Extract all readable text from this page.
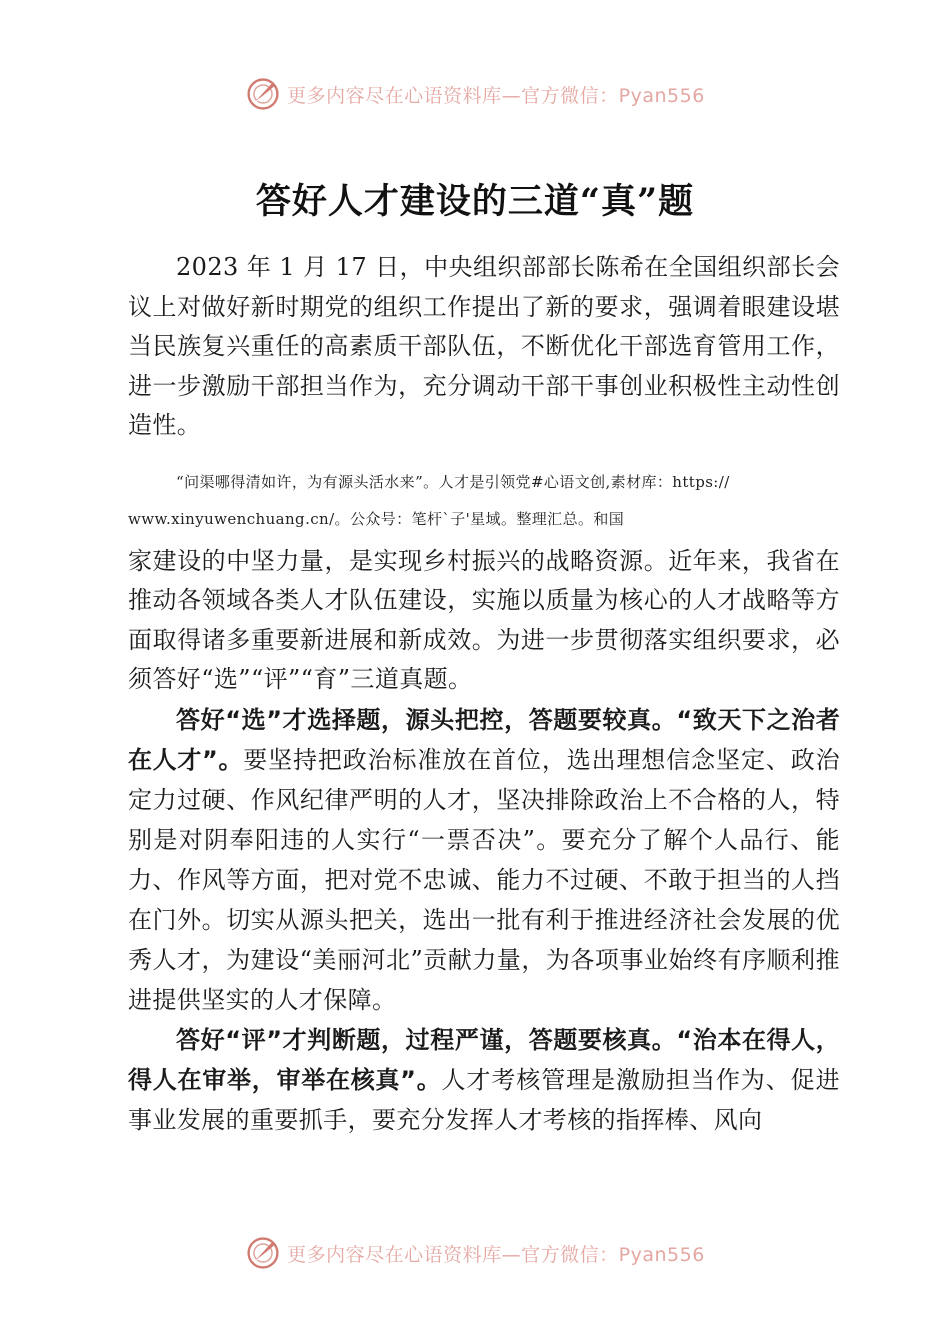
更多内容尽在心语资料库—官方微信：Pyan556
答好人才建设的三道“真”题

2023 年 1 月 17 日，中央组织部部长陈希在全国组织部长会议上对做好新时期党的组织工作提出了新的要求，强调着眼建设堪当民族复兴重任的高素质干部队伍，不断优化干部选育管用工作，进一步激励干部担当作为，充分调动干部干事创业积极性主动性创造性。

“问渠哪得清如许，为有源头活水来”。人才是引领党#心语文创,素材库：https://

www.xinyuwenchuang.cn/。公众号：笔杆`子'星域。整理汇总。和国

家建设的中坚力量，是实现乡村振兴的战略资源。近年来，我省在推动各领域各类人才队伍建设，实施以质量为核心的人才战略等方面取得诸多重要新进展和新成效。为进一步贯彻落实组织要求，必须答好“选”“评”“育”三道真题。

答好“选”才选择题，源头把控，答题要较真。“致天下之治者在人才”。要坚持把政治标准放在首位，选出理想信念坚定、政治定力过硬、作风纪律严明的人才，坚决排除政治上不合格的人，特别是对阴奉阳违的人实行“一票否决”。要充分了解个人品行、能力、作风等方面，把对党不忠诚、能力不过硬、不敢于担当的人挡在门外。切实从源头把关，选出一批有利于推进经济社会发展的优秀人才，为建设“美丽河北”贡献力量，为各项事业始终有序顺利推进提供坚实的人才保障。

答好“评”才判断题，过程严谨，答题要核真。“治本在得人，得人在审举，审举在核真”。人才考核管理是激励担当作为、促进事业发展的重要抓手，要充分发挥人才考核的指挥棒、风向

更多内容尽在心语资料库—官方微信：Pyan556
